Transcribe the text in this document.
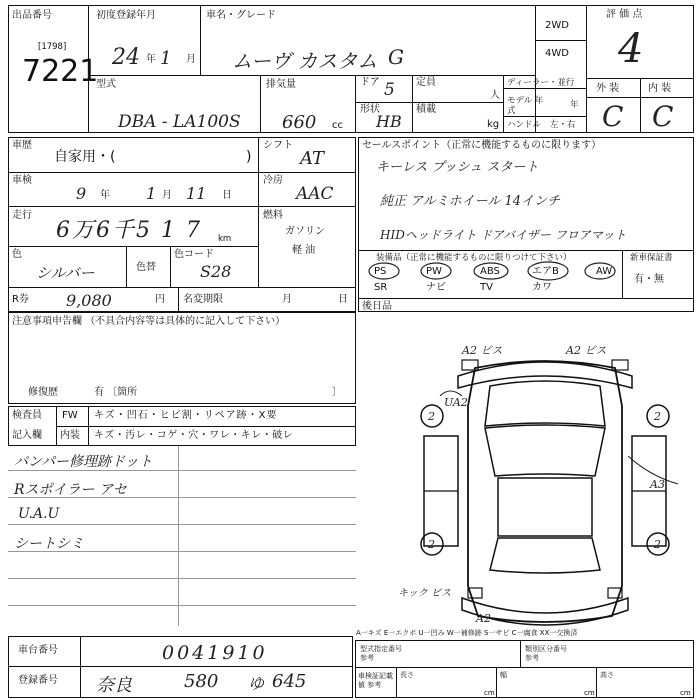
出品番号
[1798]
7221
初度登録年月
24 年 1 月
車名・グレード
ムーヴ カスタム G
2WD
4WD
評 価 点
4
外 装	内 装
C C
型式
DBA - LA100S
排気量
660 cc
ドア 5 定員
人
形状
HB
積載
kg
ディーラー・並行
モデル 年式
年
ハンドル 左・右
車歴
自家用・(	)
シフト
AT
車検
9 年 1 月 11 日
冷房
AAC
走行
6万6千5 1 7 km
燃料
ガソリン
軽 油
色
シルバー	色替
色コード
S28
R券 9,080	円 名変期限	月	日
セールスポイント（正常に機能するものに限ります）
キーレス プッシュ スタート
純正 アルミホイール 14インチ
HIDヘッドライト ドアバイザー フロアマット
装備品（正常に機能するものに限りつけて下さい）
PS	PW	ABS	エアB	AW
SR	ナビ	TV	カワ
新車保証書
有・無
後日品
注意事項申告欄 （不具合内容等は具体的に記入して下さい）
修復歴	有 〔箇所	〕
検査員
記入欄
FW キズ・凹石・ヒビ割・リペア跡・X要
内装 キズ・汚レ・コゲ・穴・ワレ・キレ・破レ
バンパー修理跡ドット
Rスポイラー アセ
U.A.U
シートシミ
A2 ビス	A2 ビス
UA2
A3
A2
キック ビス
2	2
2	2
A一キズ E一エクボ U一凹み W一補修跡 S一サビ C一腐食 XX一交換済
車台番号	0041910
登録番号 奈良	580 ゆ 645
型式指定番号 参考
類別区分番号 参考
車検証記載値 参考
長さ	幅	高さ
cm	cm	cm
